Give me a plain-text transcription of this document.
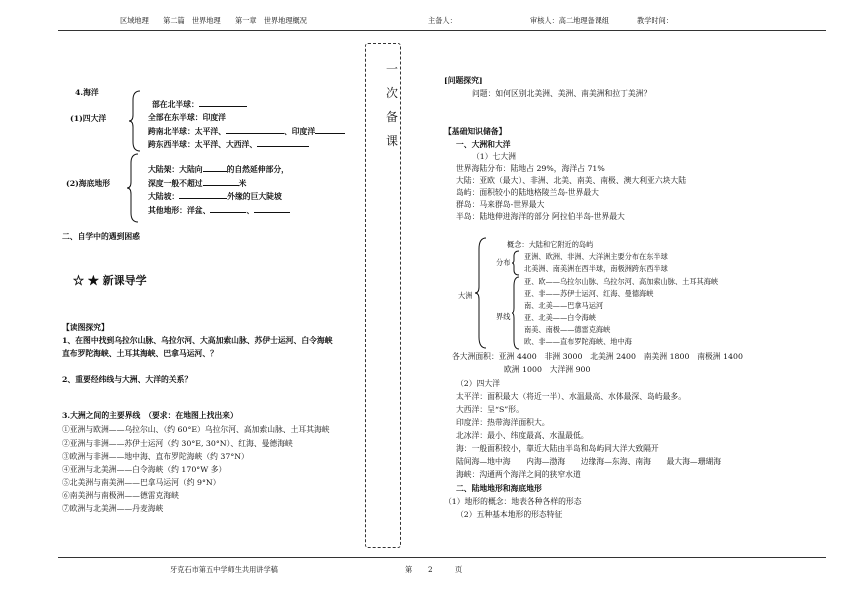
区域地理　　第二篇　世界地理　　第一章　世界地理概况	主备人：	审核人：高二地理备课组	教学时间：
一
次
备
课
4.海洋
(1)四大洋
部在北半球：
全部在东半球：印度洋
跨南北半球：太平洋、	、印度洋
跨东西半球：太平洋、大西洋、
(2)海底地形
大陆架：大陆向	的自然延伸部分，
深度一般不超过	米
大陆坡：	外缘的巨大陡坡
其他地形：洋盆、	、
二、自学中的遇到困惑
☆ ★ 新课导学
【读图探究】
1、在图中找到乌拉尔山脉、乌拉尔河、大高加索山脉、苏伊士运河、白令海峡
直布罗陀海峡、土耳其海峡、巴拿马运河、？
2、重要经纬线与大洲、大洋的关系？
3.大洲之间的主要界线　（要求：在地图上找出来）
①亚洲与欧洲——乌拉尔山、（约 60°E）乌拉尔河、高加索山脉、土耳其海峡
②亚洲与非洲——苏伊士运河（约 30°E, 30°N）、红海、曼德海峡
③欧洲与非洲——地中海、直布罗陀海峡（约 37°N）
④亚洲与北美洲——白令海峡（约 170°W 多）
⑤北美洲与南美洲——巴拿马运河（约 9°N）
⑥南美洲与南极洲——德雷克海峡
⑦欧洲与北美洲——丹麦海峡
[问题探究]
问题：如何区别北美洲、美洲、南美洲和拉丁美洲？
【基础知识储备】
一、大洲和大洋
（1）七大洲
世界海陆分布：陆地占 29%，海洋占 71%
大陆：亚欧（最大）、非洲、北美、南美、南极、澳大利亚六块大陆
岛屿：面积较小的陆地格陵兰岛-世界最大
群岛：马来群岛-世界最大
半岛：陆地伸进海洋的部分 阿拉伯半岛-世界最大
大洲
概念：大陆和它附近的岛屿
分布
亚洲、欧洲、非洲、大洋洲主要分布在东半球
北美洲、南美洲在西半球，南极洲跨东西半球
界线
亚、欧——乌拉尔山脉、乌拉尔河、高加索山脉、土耳其海峡
亚、非——苏伊士运河、红海、曼德海峡
南、北美——巴拿马运河
亚、北美——白令海峡
南美、南极——德雷克海峡
欧、非——直布罗陀海峡、地中海
各大洲面积：亚洲 4400　非洲 3000　北美洲 2400　南美洲 1800　南极洲 1400
欧洲 1000　大洋洲 900
（2）四大洋
太平洋：面积最大（将近一半）、水温最高、水体最深、岛屿最多。
大西洋：呈“S”形。
印度洋：热带海洋面积大。
北冰洋：最小、纬度最高、水温最低。
海：一般面积较小，靠近大陆由半岛和岛屿同大洋大致隔开
陆间海—地中海　　内海—渤海　　边缘海—东海、南海　　最大海—珊瑚海
海峡：沟通两个海洋之间的狭窄水道
二、陆地地形和海底地形
（1）地形的概念：地表各种各样的形态
（2）五种基本地形的形态特征
牙克石市第五中学师生共用讲学稿	第 2	页
